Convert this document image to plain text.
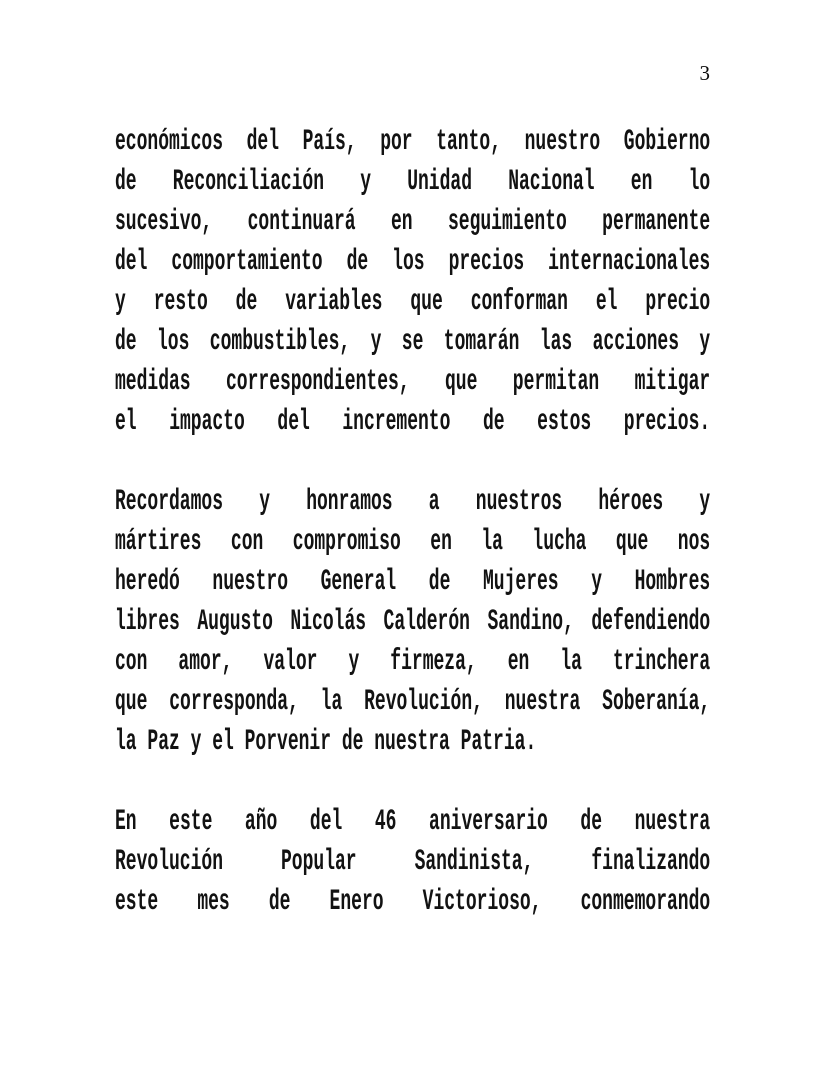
3
económicos del País, por tanto, nuestro Gobierno
de Reconciliación y Unidad Nacional en lo
sucesivo, continuará en seguimiento permanente
del comportamiento de los precios internacionales
y resto de variables que conforman el precio
de los combustibles, y se tomarán las acciones y
medidas correspondientes, que permitan mitigar
el impacto del incremento de estos precios.
Recordamos y honramos a nuestros héroes y
mártires con compromiso en la lucha que nos
heredó nuestro General de Mujeres y Hombres
libres Augusto Nicolás Calderón Sandino, defendiendo
con amor, valor y firmeza, en la trinchera
que corresponda, la Revolución, nuestra Soberanía,
la Paz y el Porvenir de nuestra Patria.
En este año del 46 aniversario de nuestra
Revolución Popular Sandinista, finalizando
este mes de Enero Victorioso, conmemorando
